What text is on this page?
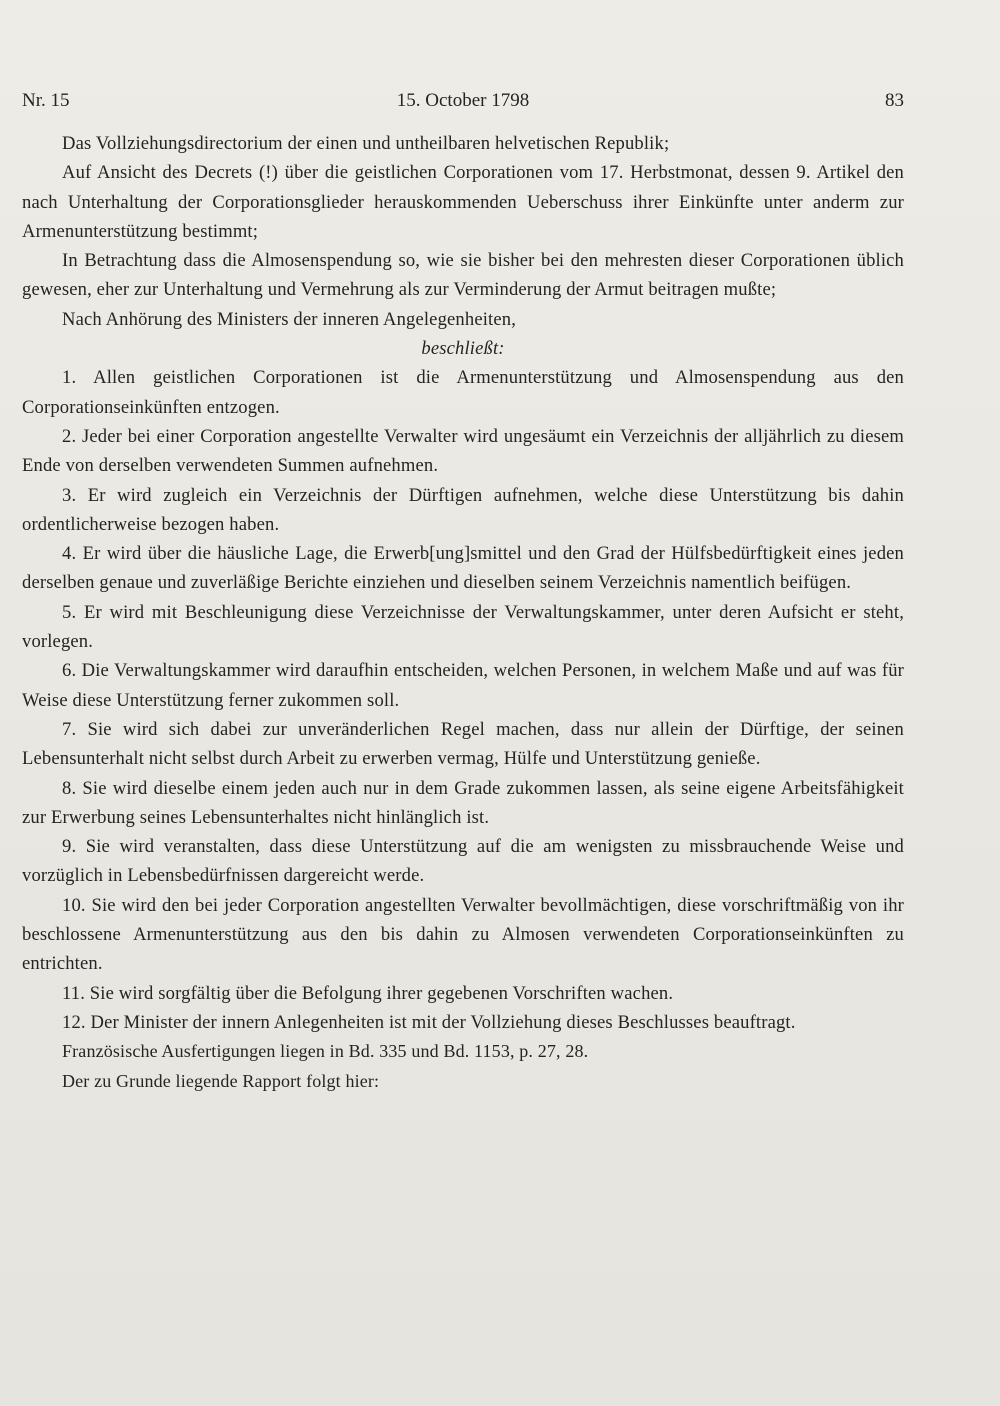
Nr. 15	15. October 1798	83

Das Vollziehungsdirectorium der einen und untheilbaren helvetischen Republik;

Auf Ansicht des Decrets (!) über die geistlichen Corporationen vom 17. Herbstmonat, dessen 9. Artikel den nach Unterhaltung der Corporationsglieder herauskommenden Ueberschuss ihrer Einkünfte unter anderm zur Armenunterstützung bestimmt;

In Betrachtung dass die Almosenspendung so, wie sie bisher bei den mehresten dieser Corporationen üblich gewesen, eher zur Unterhaltung und Vermehrung als zur Verminderung der Armut beitragen mußte;

Nach Anhörung des Ministers der inneren Angelegenheiten,

beschließt:

1. Allen geistlichen Corporationen ist die Armenunterstützung und Almosenspendung aus den Corporationseinkünften entzogen.

2. Jeder bei einer Corporation angestellte Verwalter wird ungesäumt ein Verzeichnis der alljährlich zu diesem Ende von derselben verwendeten Summen aufnehmen.

3. Er wird zugleich ein Verzeichnis der Dürftigen aufnehmen, welche diese Unterstützung bis dahin ordentlicherweise bezogen haben.

4. Er wird über die häusliche Lage, die Erwerb[ung]smittel und den Grad der Hülfsbedürftigkeit eines jeden derselben genaue und zuverläßige Berichte einziehen und dieselben seinem Verzeichnis namentlich beifügen.

5. Er wird mit Beschleunigung diese Verzeichnisse der Verwaltungskammer, unter deren Aufsicht er steht, vorlegen.

6. Die Verwaltungskammer wird daraufhin entscheiden, welchen Personen, in welchem Maße und auf was für Weise diese Unterstützung ferner zukommen soll.

7. Sie wird sich dabei zur unveränderlichen Regel machen, dass nur allein der Dürftige, der seinen Lebensunterhalt nicht selbst durch Arbeit zu erwerben vermag, Hülfe und Unterstützung genieße.

8. Sie wird dieselbe einem jeden auch nur in dem Grade zukommen lassen, als seine eigene Arbeitsfähigkeit zur Erwerbung seines Lebensunterhaltes nicht hinlänglich ist.

9. Sie wird veranstalten, dass diese Unterstützung auf die am wenigsten zu missbrauchende Weise und vorzüglich in Lebensbedürfnissen dargereicht werde.

10. Sie wird den bei jeder Corporation angestellten Verwalter bevollmächtigen, diese vorschriftmäßig von ihr beschlossene Armenunterstützung aus den bis dahin zu Almosen verwendeten Corporationseinkünften zu entrichten.

11. Sie wird sorgfältig über die Befolgung ihrer gegebenen Vorschriften wachen.

12. Der Minister der innern Anlegenheiten ist mit der Vollziehung dieses Beschlusses beauftragt.

Französische Ausfertigungen liegen in Bd. 335 und Bd. 1153, p. 27, 28.

Der zu Grunde liegende Rapport folgt hier:
